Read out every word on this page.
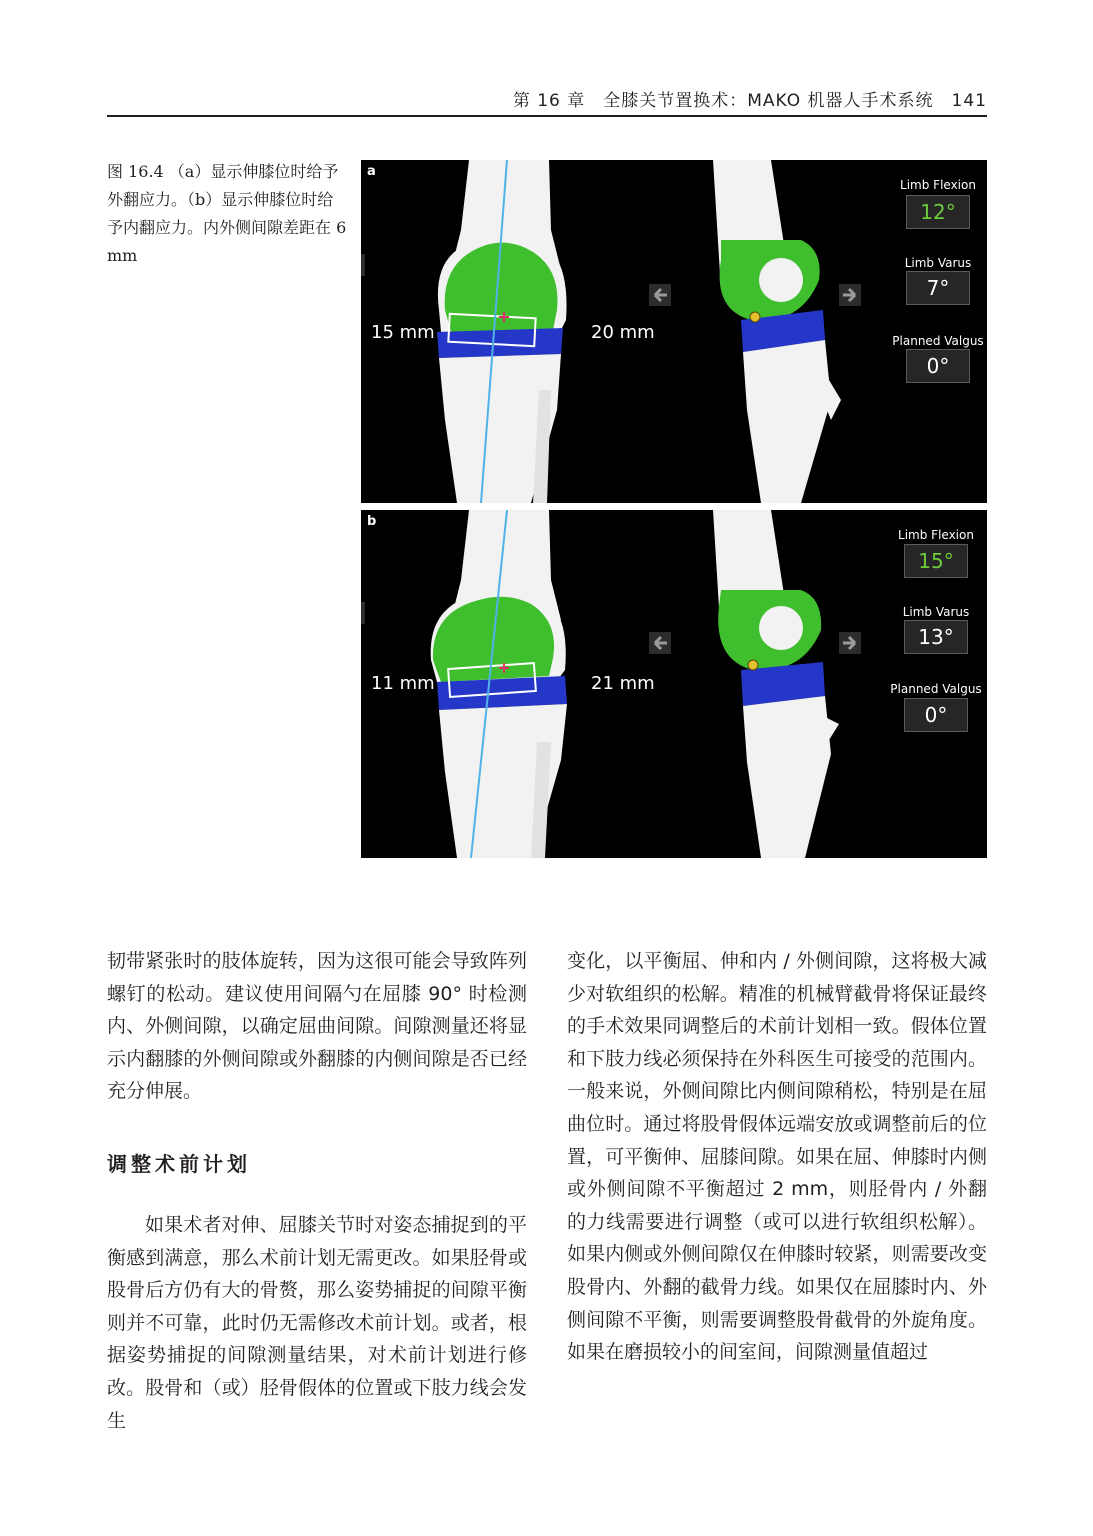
第 16 章　全膝关节置换术：MAKO 机器人手术系统　141
图 16.4 （a）显示伸膝位时给予外翻应力。（b）显示伸膝位时给予内翻应力。内外侧间隙差距在 6 mm
a
15 mm	20 mm
Limb Flexion
12°
Limb Varus
7°
Planned Valgus
0°
b
11 mm	21 mm
Limb Flexion
15°
Limb Varus
13°
Planned Valgus
0°

韧带紧张时的肢体旋转，因为这很可能会导致阵列螺钉的松动。建议使用间隔勺在屈膝 90° 时检测内、外侧间隙，以确定屈曲间隙。间隙测量还将显示内翻膝的外侧间隙或外翻膝的内侧间隙是否已经充分伸展。

调整术前计划

如果术者对伸、屈膝关节时对姿态捕捉到的平衡感到满意，那么术前计划无需更改。如果胫骨或股骨后方仍有大的骨赘，那么姿势捕捉的间隙平衡则并不可靠，此时仍无需修改术前计划。或者，根据姿势捕捉的间隙测量结果，对术前计划进行修改。股骨和（或）胫骨假体的位置或下肢力线会发生

变化，以平衡屈、伸和内 / 外侧间隙，这将极大减少对软组织的松解。精准的机械臂截骨将保证最终的手术效果同调整后的术前计划相一致。假体位置和下肢力线必须保持在外科医生可接受的范围内。一般来说，外侧间隙比内侧间隙稍松，特别是在屈曲位时。通过将股骨假体远端安放或调整前后的位置，可平衡伸、屈膝间隙。如果在屈、伸膝时内侧或外侧间隙不平衡超过 2 mm，则胫骨内 / 外翻的力线需要进行调整（或可以进行软组织松解）。如果内侧或外侧间隙仅在伸膝时较紧，则需要改变股骨内、外翻的截骨力线。如果仅在屈膝时内、外侧间隙不平衡，则需要调整股骨截骨的外旋角度。如果在磨损较小的间室间，间隙测量值超过
